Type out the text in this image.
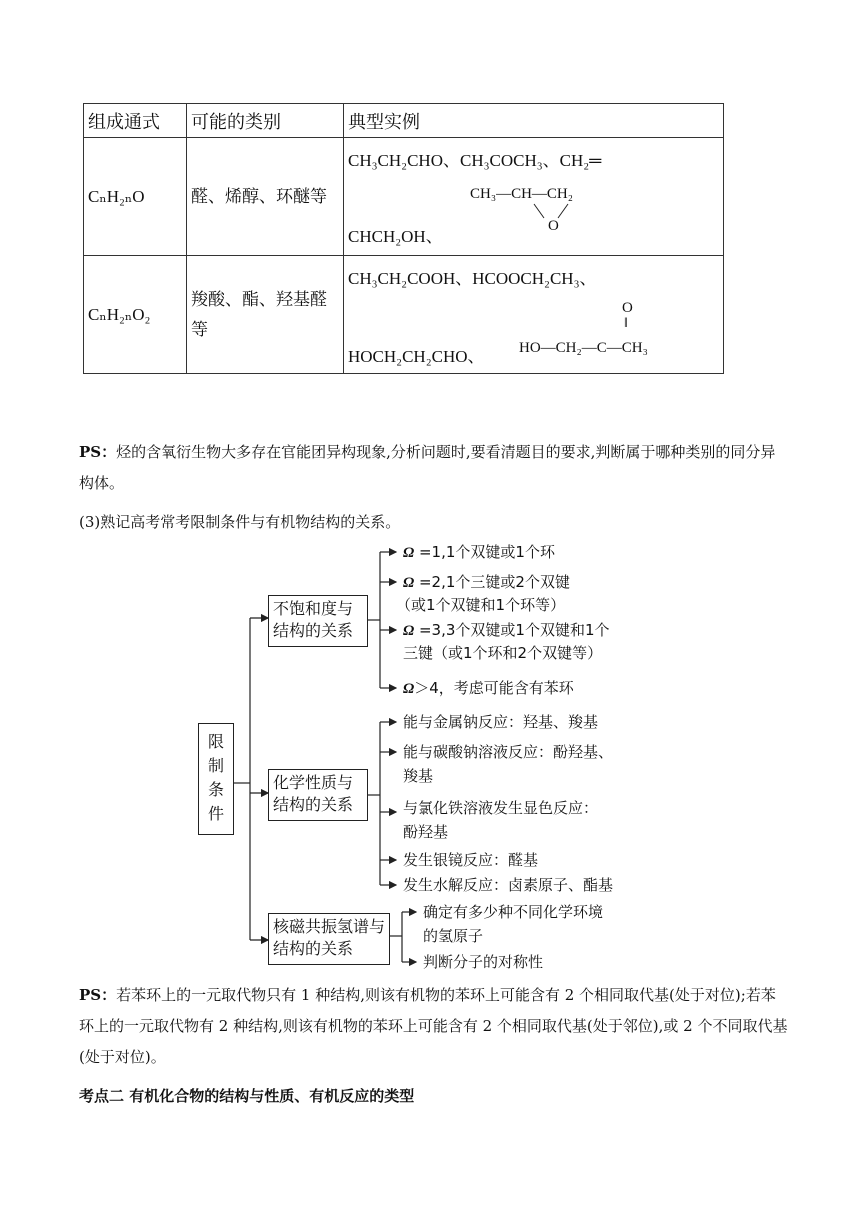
组成通式	可能的类别	典型实例
CₙH₂ₙO	醛、烯醇、环醚等	CH₃CH₂CHO、CH₃COCH₃、CH₂═
CH₃—CH—CH₂
O
CHCH₂OH、

CₙH₂ₙO₂	羧酸、酯、羟基醛等	CH₃CH₂COOH、HCOOCH₂CH₃、
O
‖
HO—CH₂—C—CH₃
HOCH₂CH₂CHO、
PS：烃的含氧衍生物大多存在官能团异构现象,分析问题时,要看清题目的要求,判断属于哪种类别的同分异构体。
(3)熟记高考常考限制条件与有机物结构的关系。
限制条件
不饱和度与结构的关系
化学性质与结构的关系
核磁共振氢谱与结构的关系
Ω =1,1个双键或1个环
Ω =2,1个三键或2个双键
（或1个双键和1个环等）
Ω =3,3个双键或1个双键和1个
三键（或1个环和2个双键等）
Ω＞4，考虑可能含有苯环
能与金属钠反应：羟基、羧基
能与碳酸钠溶液反应：酚羟基、
羧基
与氯化铁溶液发生显色反应：
酚羟基
发生银镜反应：醛基
发生水解反应：卤素原子、酯基
确定有多少种不同化学环境
的氢原子
判断分子的对称性
PS：若苯环上的一元取代物只有 1 种结构,则该有机物的苯环上可能含有 2 个相同取代基(处于对位);若苯环上的一元取代物有 2 种结构,则该有机物的苯环上可能含有 2 个相同取代基(处于邻位),或 2 个不同取代基(处于对位)。
考点二 有机化合物的结构与性质、有机反应的类型
